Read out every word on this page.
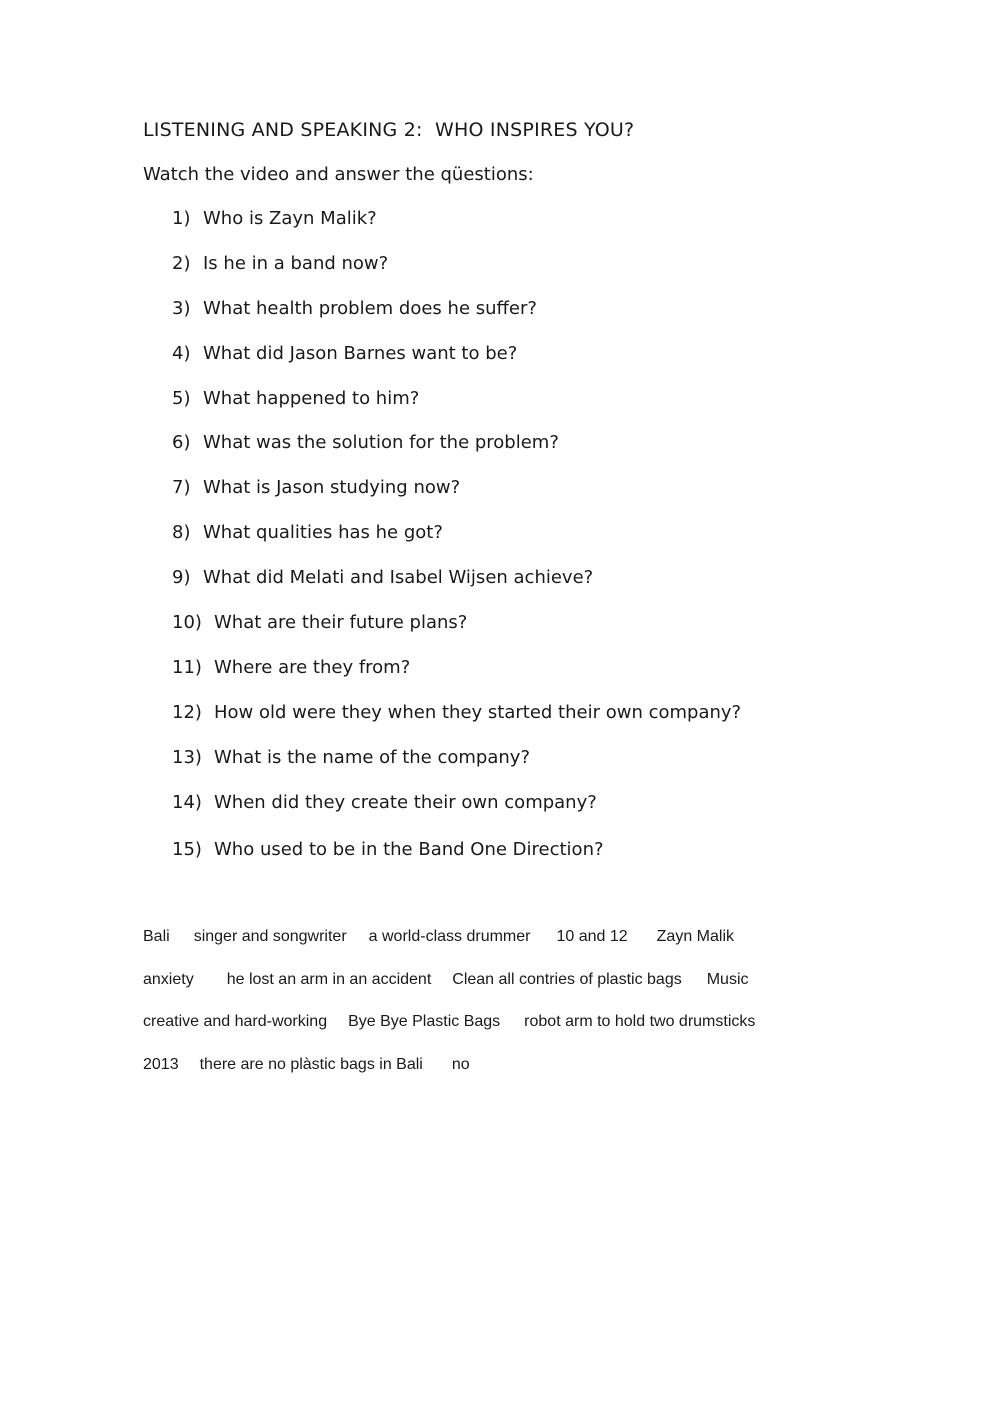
LISTENING AND SPEAKING 2:  WHO INSPIRES YOU?
Watch the video and answer the qüestions:
1) Who is Zayn Malik?
2) Is he in a band now?
3) What health problem does he suffer?
4) What did Jason Barnes want to be?
5) What happened to him?
6) What was the solution for the problem?
7) What is Jason studying now?
8) What qualities has he got?
9) What did Melati and Isabel Wijsen achieve?
10) What are their future plans?
11) Where are they from?
12) How old were they when they started their own company?
13) What is the name of the company?
14) When did they create their own company?
15) Who used to be in the Band One Direction?
Bali singer and songwriter a world-class drummer 10 and 12 Zayn Malik
anxiety he lost an arm in an accident Clean all contries of plastic bags Music
creative and hard-working Bye Bye Plastic Bags robot arm to hold two drumsticks
2013 there are no plàstic bags in Bali no
